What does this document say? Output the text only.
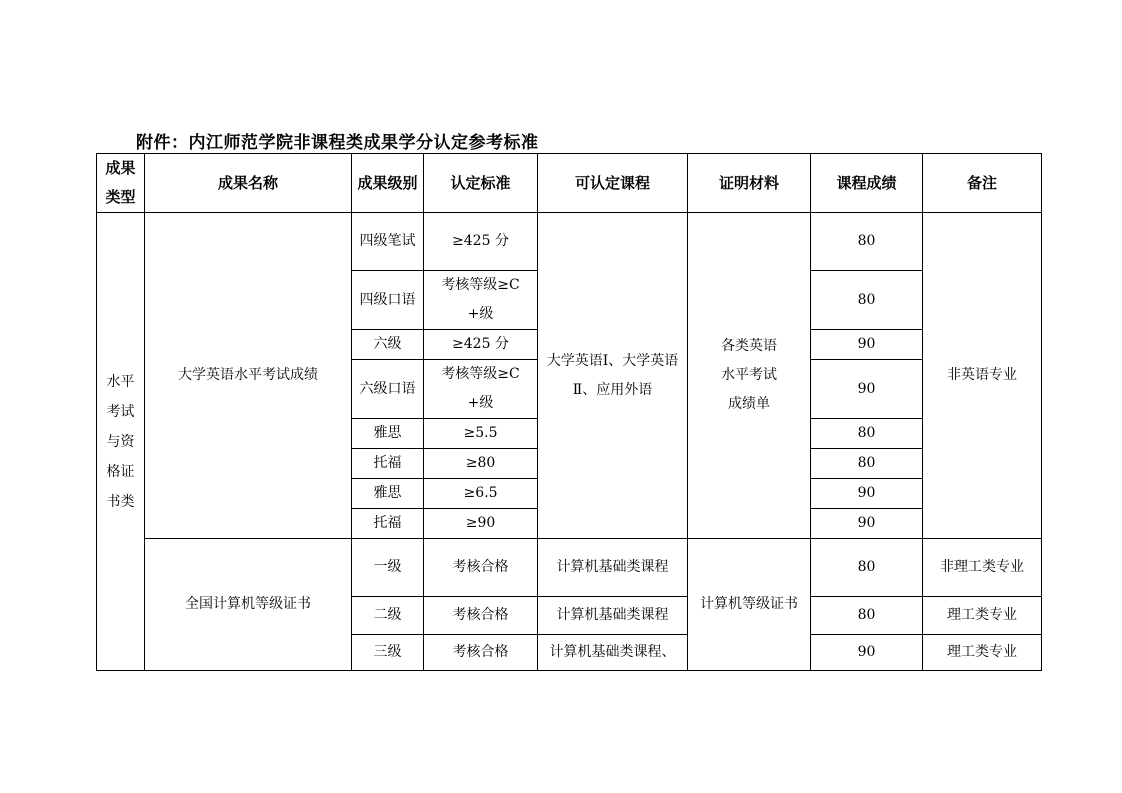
附件：内江师范学院非课程类成果学分认定参考标准
成果类型	成果名称	成果级别	认定标准	可认定课程	证明材料	课程成绩	备注

水平考试与资格证书类	大学英语水平考试成绩	四级笔试	≥425 分	大学英语Ⅰ、大学英语Ⅱ、应用外语	各类英语水平考试成绩单	80	非英语专业

		四级口语	考核等级≥C+级			80	
		六级	≥425 分			90	

		六级口语	考核等级≥C+级			90	
		雅思	≥5.5			80	
		托福	≥80			80	
		雅思	≥6.5			90	
		托福	≥90			90	
	全国计算机等级证书	一级	考核合格	计算机基础类课程	计算机等级证书	80	非理工类专业
		二级	考核合格	计算机基础类课程		80	理工类专业
		三级	考核合格	计算机基础类课程、		90	理工类专业
